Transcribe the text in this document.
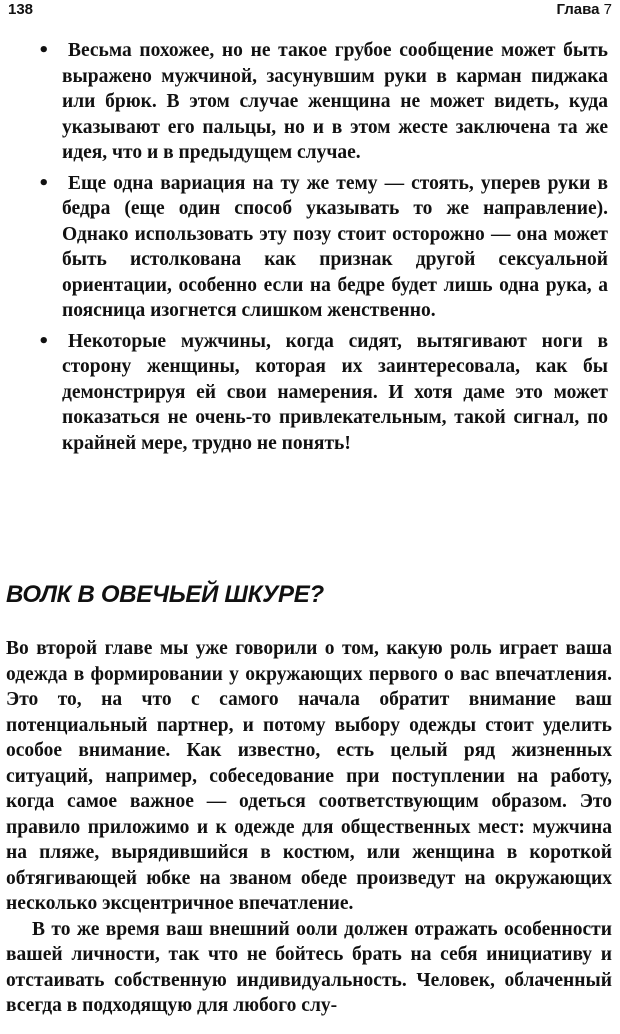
138	Глава 7
• Весьма похожее, но не такое грубое сообщение может быть выражено мужчиной, засунувшим руки в карман пиджака или брюк. В этом случае женщина не может видеть, куда указывают его пальцы, но и в этом жесте заключена та же идея, что и в предыдущем случае.
• Еще одна вариация на ту же тему — стоять, уперев руки в бедра (еще один способ указывать то же направление). Однако использовать эту позу стоит осторожно — она может быть истолкована как признак другой сексуальной ориентации, особенно если на бедре будет лишь одна рука, а поясница изогнется слишком женственно.
• Некоторые мужчины, когда сидят, вытягивают ноги в сторону женщины, которая их заинтересовала, как бы демонстрируя ей свои намерения. И хотя даме это может показаться не очень-то привлекательным, такой сигнал, по крайней мере, трудно не понять!
ВОЛК В ОВЕЧЬЕЙ ШКУРЕ?

Во второй главе мы уже говорили о том, какую роль играет ваша одежда в формировании у окружающих первого о вас впечатления. Это то, на что с самого начала обратит внимание ваш потенциальный партнер, и потому выбору одежды стоит уделить особое внимание. Как известно, есть целый ряд жизненных ситуаций, например, собеседование при поступлении на работу, когда самое важное — одеться соответствующим образом. Это правило приложимо и к одежде для общественных мест: мужчина на пляже, вырядившийся в костюм, или женщина в короткой обтягивающей юбке на званом обеде произведут на окружающих несколько эксцентричное впечатление.

В то же время ваш внешний ооли должен отражать особенности вашей личности, так что не бойтесь брать на себя инициативу и отстаивать собственную индивидуальность. Человек, облаченный всегда в подходящую для любого слу-
